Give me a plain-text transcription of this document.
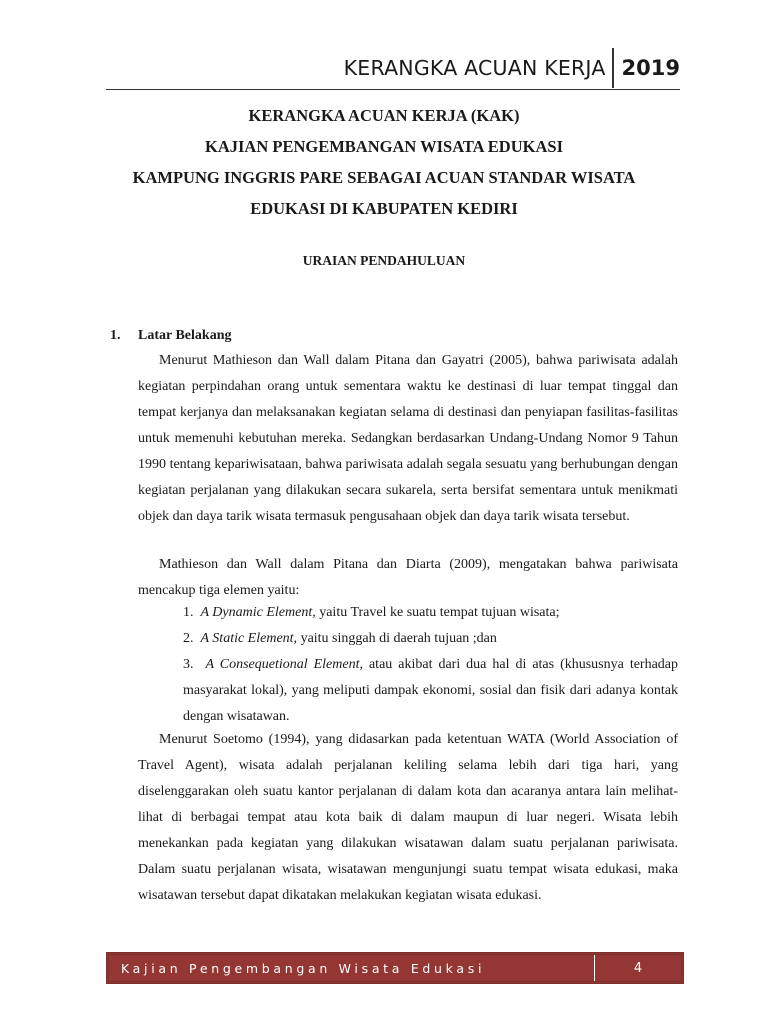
KERANGKA ACUAN KERJA 2019
KERANGKA ACUAN KERJA (KAK)
KAJIAN PENGEMBANGAN WISATA EDUKASI
KAMPUNG INGGRIS PARE SEBAGAI ACUAN STANDAR WISATA
EDUKASI DI KABUPATEN KEDIRI
URAIAN PENDAHULUAN
1. Latar Belakang

Menurut Mathieson dan Wall dalam Pitana dan Gayatri (2005), bahwa pariwisata adalah kegiatan perpindahan orang untuk sementara waktu ke destinasi di luar tempat tinggal dan tempat kerjanya dan melaksanakan kegiatan selama di destinasi dan penyiapan fasilitas-fasilitas untuk memenuhi kebutuhan mereka. Sedangkan berdasarkan Undang-Undang Nomor 9 Tahun 1990 tentang kepariwisataan, bahwa pariwisata adalah segala sesuatu yang berhubungan dengan kegiatan perjalanan yang dilakukan secara sukarela, serta bersifat sementara untuk menikmati objek dan daya tarik wisata termasuk pengusahaan objek dan daya tarik wisata tersebut.

Mathieson dan Wall dalam Pitana dan Diarta (2009), mengatakan bahwa pariwisata mencakup tiga elemen yaitu:

1. A Dynamic Element, yaitu Travel ke suatu tempat tujuan wisata;

2. A Static Element, yaitu singgah di daerah tujuan ;dan

3. A Consequetional Element, atau akibat dari dua hal di atas (khususnya terhadap masyarakat lokal), yang meliputi dampak ekonomi, sosial dan fisik dari adanya kontak dengan wisatawan.

Menurut Soetomo (1994), yang didasarkan pada ketentuan WATA (World Association of Travel Agent), wisata adalah perjalanan keliling selama lebih dari tiga hari, yang diselenggarakan oleh suatu kantor perjalanan di dalam kota dan acaranya antara lain melihat-lihat di berbagai tempat atau kota baik di dalam maupun di luar negeri. Wisata lebih menekankan pada kegiatan yang dilakukan wisatawan dalam suatu perjalanan pariwisata. Dalam suatu perjalanan wisata, wisatawan mengunjungi suatu tempat wisata edukasi, maka wisatawan tersebut dapat dikatakan melakukan kegiatan wisata edukasi.

Kajian Pengembangan Wisata Edukasi	4
